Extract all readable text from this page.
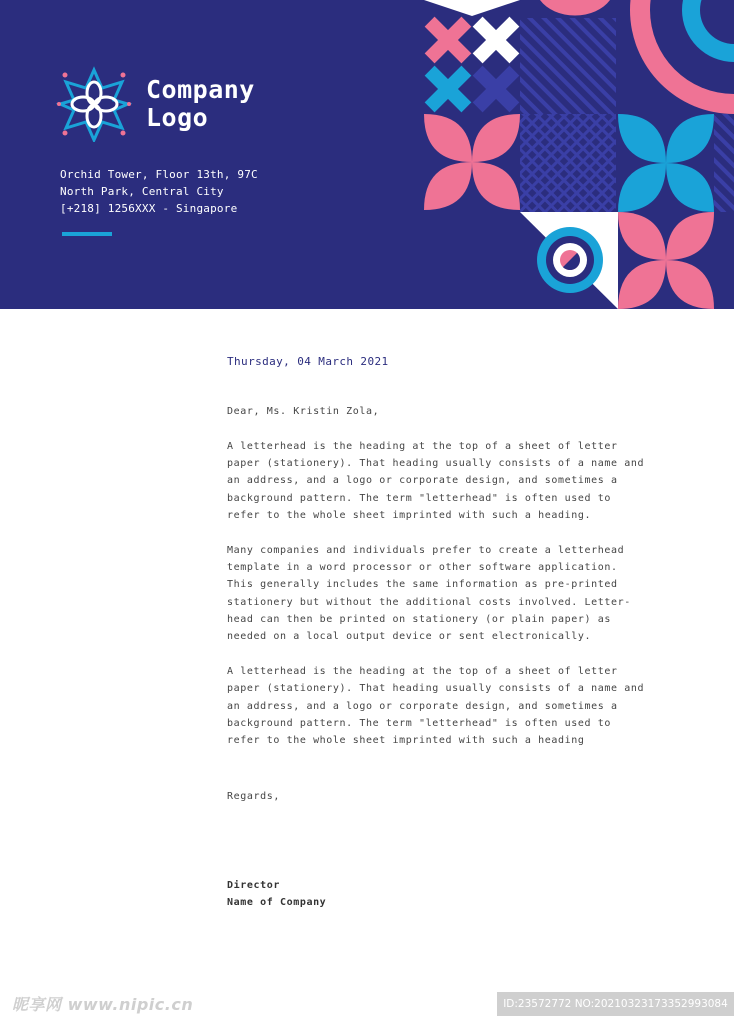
Company
Logo
Orchid Tower, Floor 13th, 97C
North Park, Central City
[+218] 1256XXX - Singapore
Thursday, 04 March 2021
Dear, Ms. Kristin Zola,
A letterhead is the heading at the top of a sheet of letter
paper (stationery). That heading usually consists of a name and
an address, and a logo or corporate design, and sometimes a
background pattern. The term "letterhead" is often used to
refer to the whole sheet imprinted with such a heading.
Many companies and individuals prefer to create a letterhead
template in a word processor or other software application.
This generally includes the same information as pre-printed
stationery but without the additional costs involved. Letter-
head can then be printed on stationery (or plain paper) as
needed on a local output device or sent electronically.
A letterhead is the heading at the top of a sheet of letter
paper (stationery). That heading usually consists of a name and
an address, and a logo or corporate design, and sometimes a
background pattern. The term "letterhead" is often used to
refer to the whole sheet imprinted with such a heading
Regards,
Director
Name of Company
昵享网 www.nipic.cn	ID:23572772 NO:20210323173352993084
